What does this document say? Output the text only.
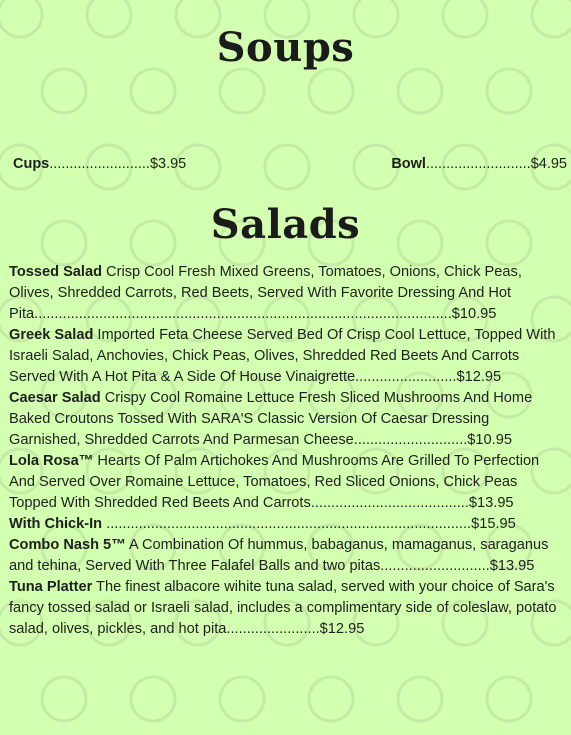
Soups
Cups.........................$3.95	Bowl..........................$4.95
Salads

Tossed Salad Crisp Cool Fresh Mixed Greens, Tomatoes, Onions, Chick Peas, Olives, Shredded Carrots, Red Beets, Served With Favorite Dressing And Hot Pita.......................................................................................................$10.95

Greek Salad Imported Feta Cheese Served Bed Of Crisp Cool Lettuce, Topped With Israeli Salad, Anchovies, Chick Peas, Olives, Shredded Red Beets And Carrots Served With A Hot Pita & A Side Of House Vinaigrette.........................$12.95

Caesar Salad Crispy Cool Romaine Lettuce Fresh Sliced Mushrooms And Home Baked Croutons Tossed With SARA'S Classic Version Of Caesar Dressing Garnished, Shredded Carrots And Parmesan Cheese............................$10.95

Lola Rosa™ Hearts Of Palm Artichokes And Mushrooms Are Grilled To Perfection And Served Over Romaine Lettuce, Tomatoes, Red Sliced Onions, Chick Peas Topped With Shredded Red Beets And Carrots.......................................$13.95

With Chick-In ..........................................................................................$15.95

Combo Nash 5™ A Combination Of hummus, babaganus, mamaganus, saraganus and tehina, Served With Three Falafel Balls and two pitas...........................$13.95

Tuna Platter The finest albacore wihite tuna salad, served with your choice of Sara's fancy tossed salad or Israeli salad, includes a complimentary side of coleslaw, potato salad, olives, pickles, and hot pita.......................$12.95
